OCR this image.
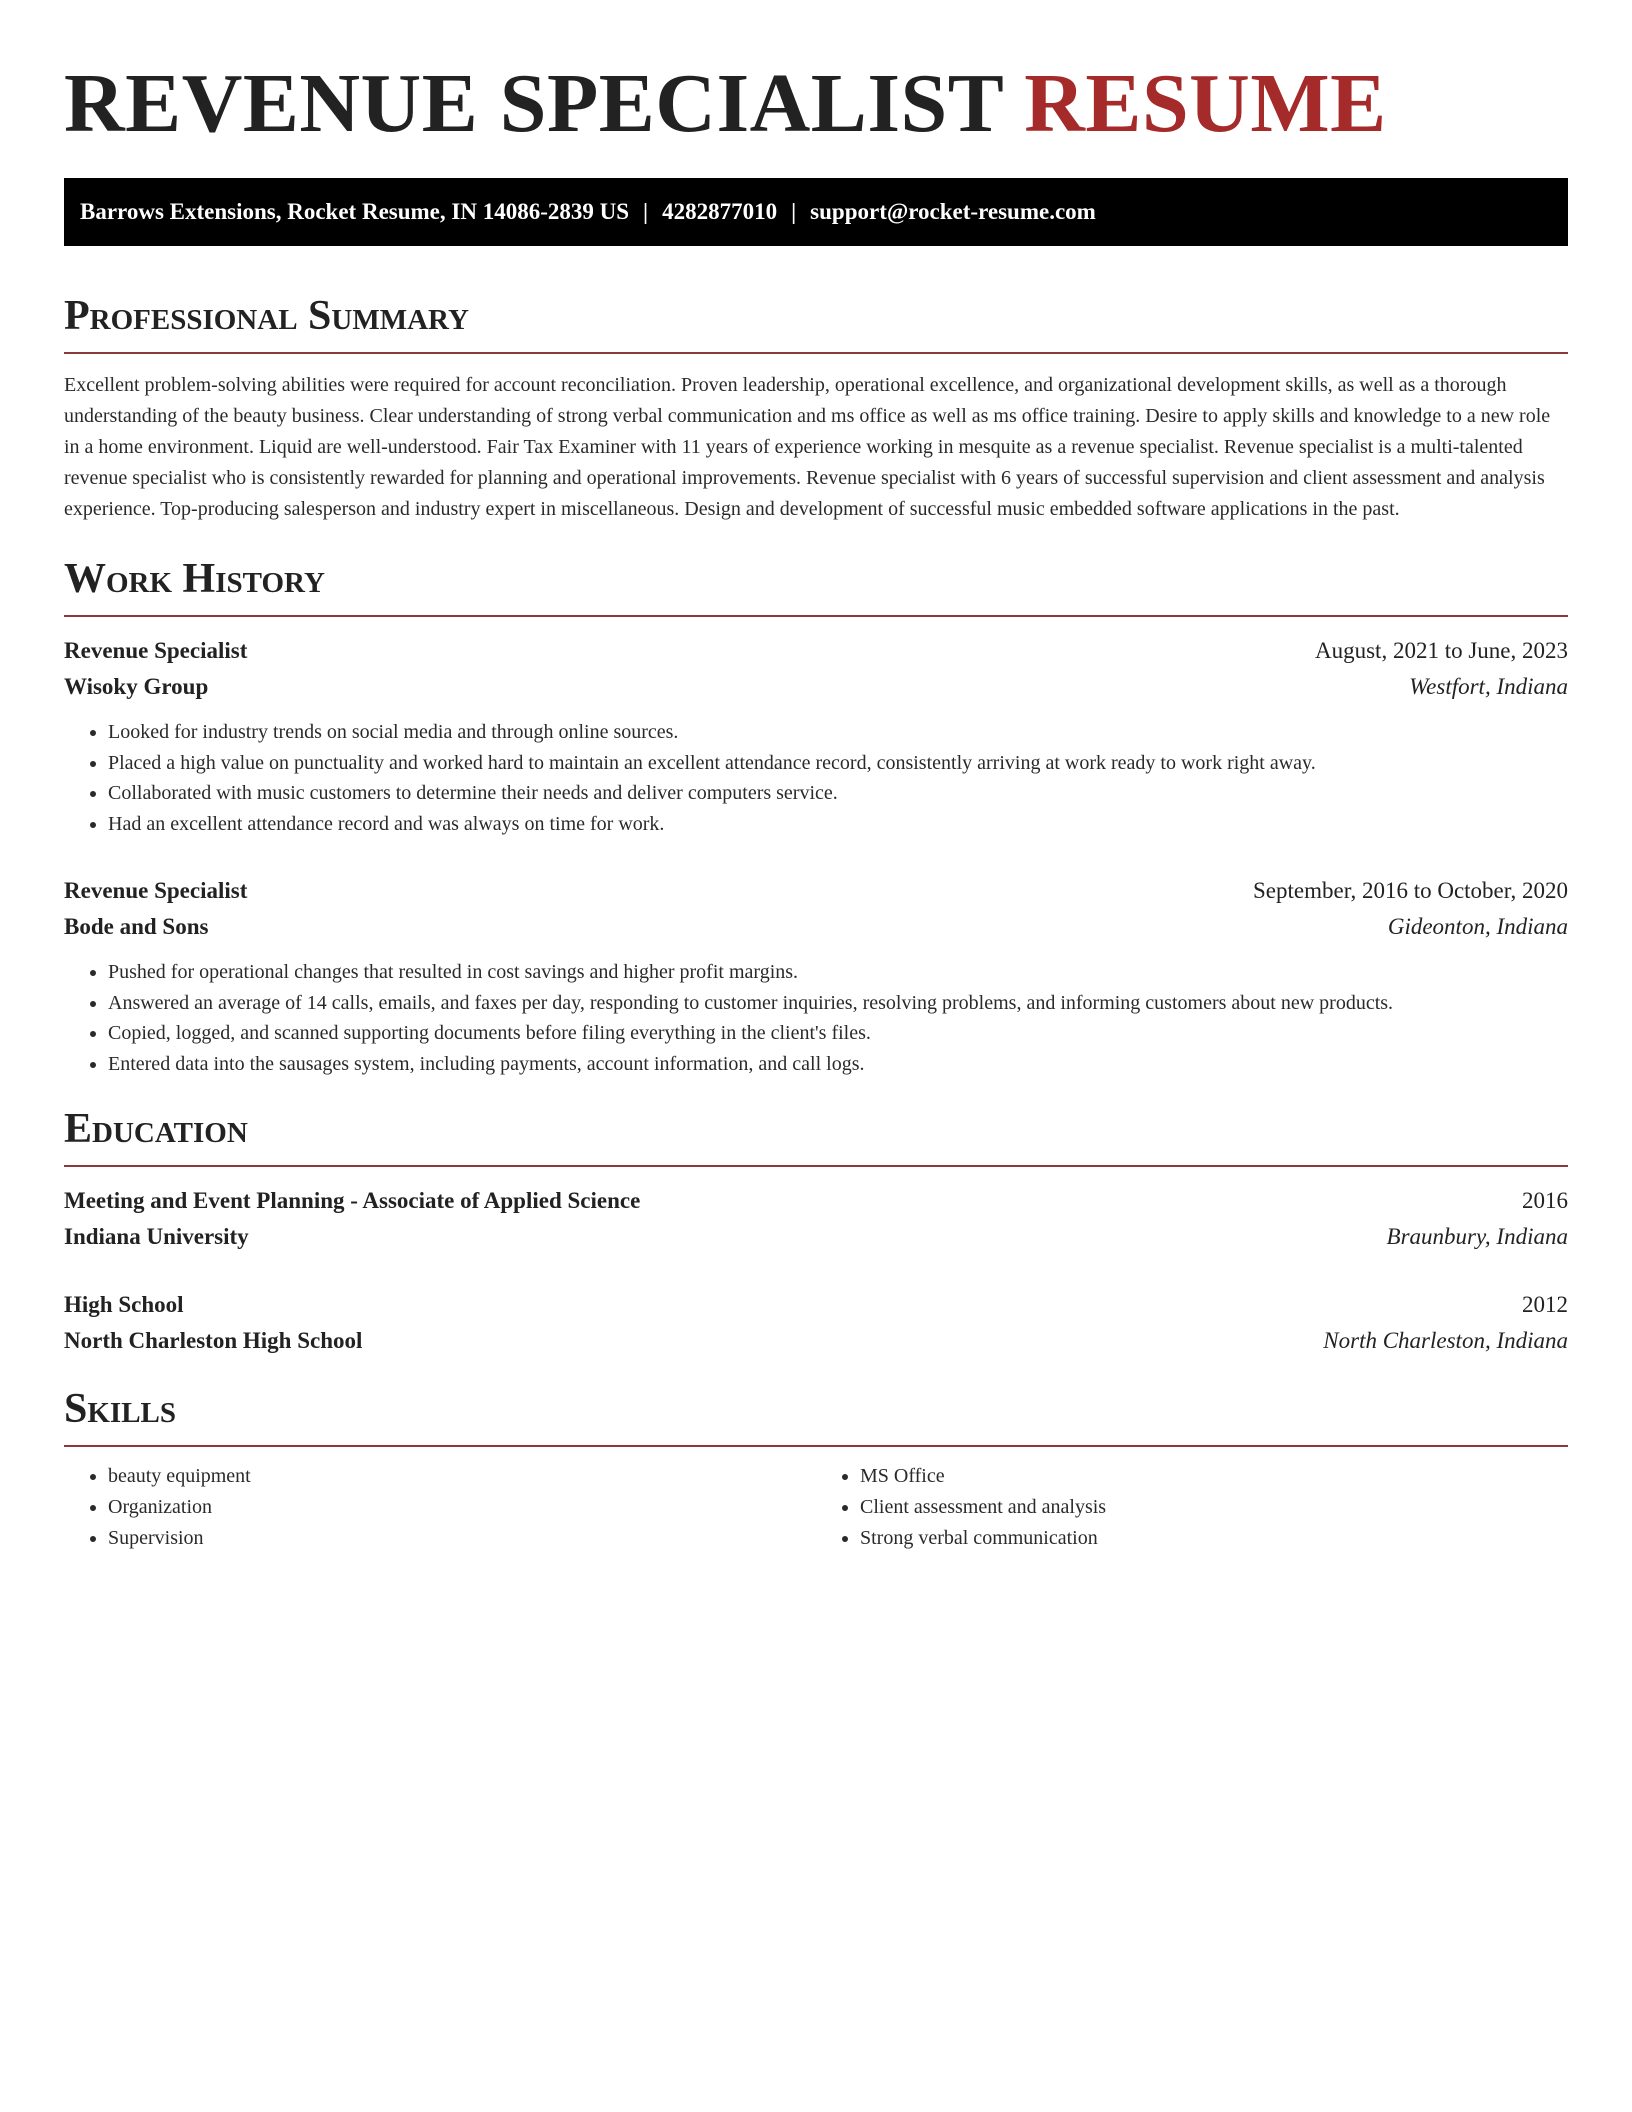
REVENUE SPECIALIST RESUME
Barrows Extensions, Rocket Resume, IN 14086-2839 US | 4282877010 | support@rocket-resume.com
Professional Summary

Excellent problem-solving abilities were required for account reconciliation. Proven leadership, operational excellence, and organizational development skills, as well as a thorough understanding of the beauty business. Clear understanding of strong verbal communication and ms office as well as ms office training. Desire to apply skills and knowledge to a new role in a home environment. Liquid are well-understood. Fair Tax Examiner with 11 years of experience working in mesquite as a revenue specialist. Revenue specialist is a multi-talented revenue specialist who is consistently rewarded for planning and operational improvements. Revenue specialist with 6 years of successful supervision and client assessment and analysis experience. Top-producing salesperson and industry expert in miscellaneous. Design and development of successful music embedded software applications in the past.

Work History
Revenue Specialist	August, 2021 to June, 2023
Wisoky Group	Westfort, Indiana
• Looked for industry trends on social media and through online sources.
• Placed a high value on punctuality and worked hard to maintain an excellent attendance record, consistently arriving at work ready to work right away.
• Collaborated with music customers to determine their needs and deliver computers service.
• Had an excellent attendance record and was always on time for work.
Revenue Specialist	September, 2016 to October, 2020
Bode and Sons	Gideonton, Indiana
• Pushed for operational changes that resulted in cost savings and higher profit margins.
• Answered an average of 14 calls, emails, and faxes per day, responding to customer inquiries, resolving problems, and informing customers about new products.
• Copied, logged, and scanned supporting documents before filing everything in the client's files.
• Entered data into the sausages system, including payments, account information, and call logs.
Education
Meeting and Event Planning - Associate of Applied Science	2016
Indiana University	Braunbury, Indiana
High School	2012
North Charleston High School	North Charleston, Indiana
Skills
• beauty equipment
• Organization
• Supervision
• MS Office
• Client assessment and analysis
• Strong verbal communication
